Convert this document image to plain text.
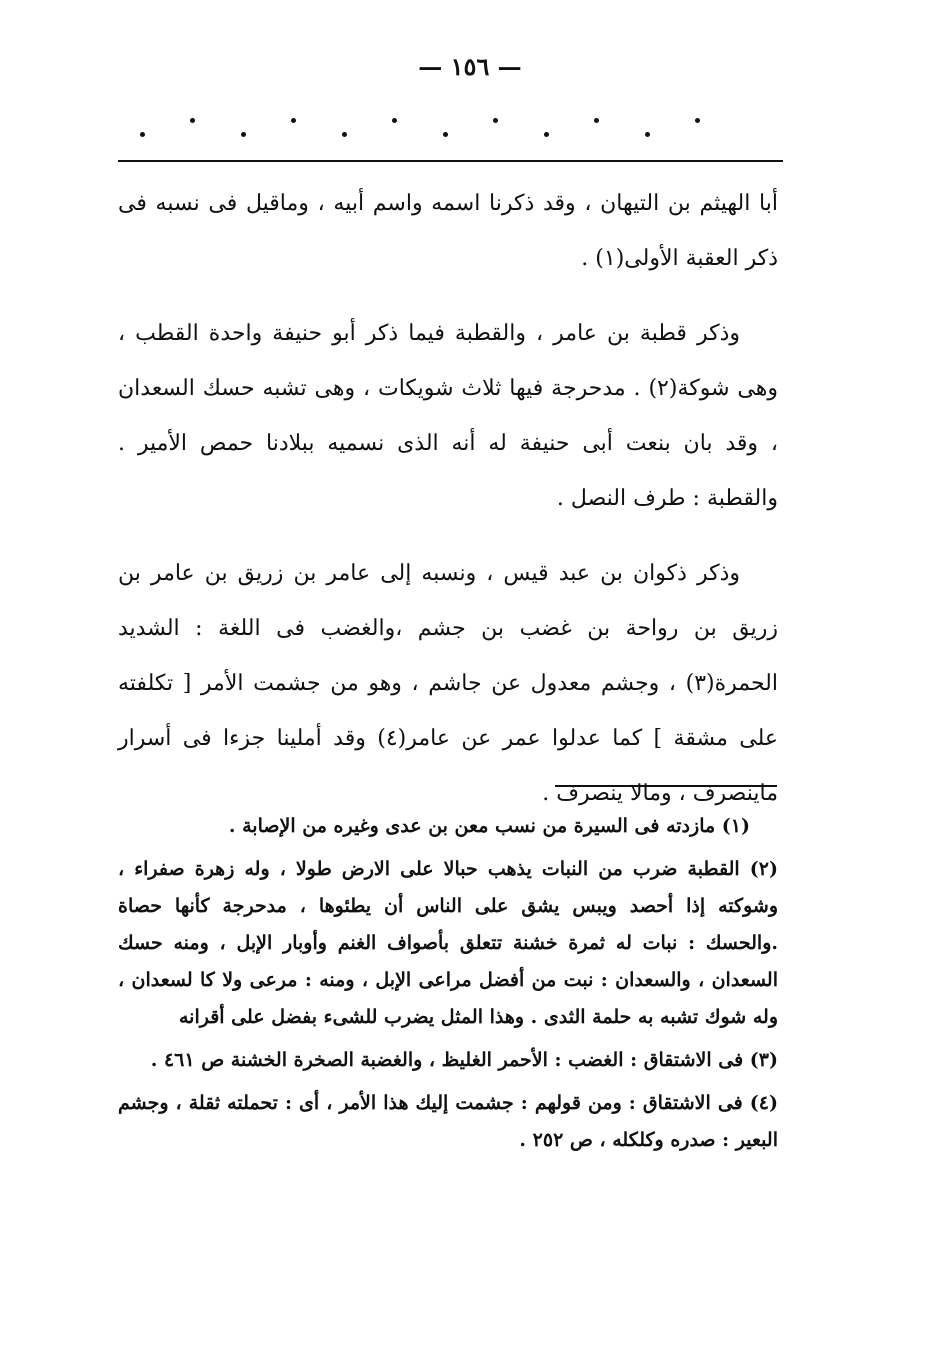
— ١٥٦ —

أبا الهيثم بن التيهان ، وقد ذكرنا اسمه واسم أبيه ، وماقيل فى نسبه فى ذكر العقبة الأولى(١) .

وذكر قطبة بن عامر ، والقطبة فيما ذكر أبو حنيفة واحدة القطب ، وهى شوكة(٢) . مدحرجة فيها ثلاث شويكات ، وهى تشبه حسك السعدان ، وقد بان بنعت أبى حنيفة له أنه الذى نسميه ببلادنا حمص الأمير . والقطبة : طرف النصل .

وذكر ذكوان بن عبد قيس ، ونسبه إلى عامر بن زريق بن عامر بن زريق بن رواحة بن غضب بن جشم ،والغضب فى اللغة : الشديد الحمرة(٣) ، وجشم معدول عن جاشم ، وهو من جشمت الأمر [ تكلفته على مشقة ] كما عدلوا عمر عن عامر(٤) وقد أملينا جزءا فى أسرار ماينصرف ، ومالا ينصرف .

(١) مازدته فى السيرة من نسب معن بن عدى وغيره من الإصابة .

(٢) القطبة ضرب من النبات يذهب حبالا على الارض طولا ، وله زهرة صفراء ، وشوكته إذا أحصد ويبس يشق على الناس أن يطئوها ، مدحرجة كأنها حصاة .والحسك : نبات له ثمرة خشنة تتعلق بأصواف الغنم وأوبار الإبل ، ومنه حسك السعدان ، والسعدان : نبت من أفضل مراعى الإبل ، ومنه : مرعى ولا كا لسعدان ، وله شوك تشبه به حلمة الثدى . وهذا المثل يضرب للشىء بفضل على أقرانه

(٣) فى الاشتقاق : الغضب : الأحمر الغليظ ، والغضبة الصخرة الخشنة ص ٤٦١ .

(٤) فى الاشتقاق : ومن قولهم : جشمت إليك هذا الأمر ، أى : تحملته ثقلة ، وجشم البعير : صدره وكلكله ، ص ٢٥٢ .
